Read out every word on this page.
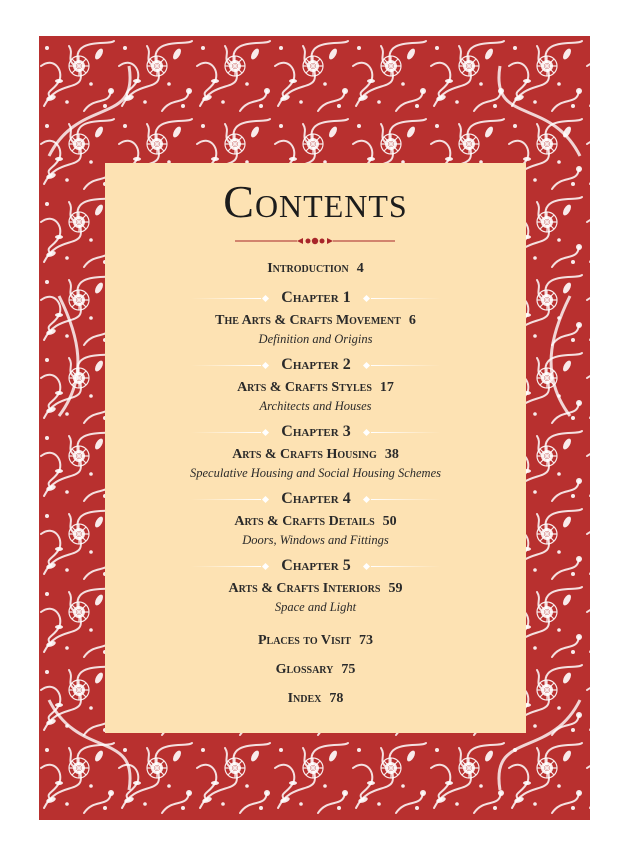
Contents
Introduction 4
Chapter 1
The Arts & Crafts Movement 6
Definition and Origins
Chapter 2
Arts & Crafts Styles 17
Architects and Houses
Chapter 3
Arts & Crafts Housing 38
Speculative Housing and Social Housing Schemes
Chapter 4
Arts & Crafts Details 50
Doors, Windows and Fittings
Chapter 5
Arts & Crafts Interiors 59
Space and Light
Places to Visit 73
Glossary 75
Index 78
